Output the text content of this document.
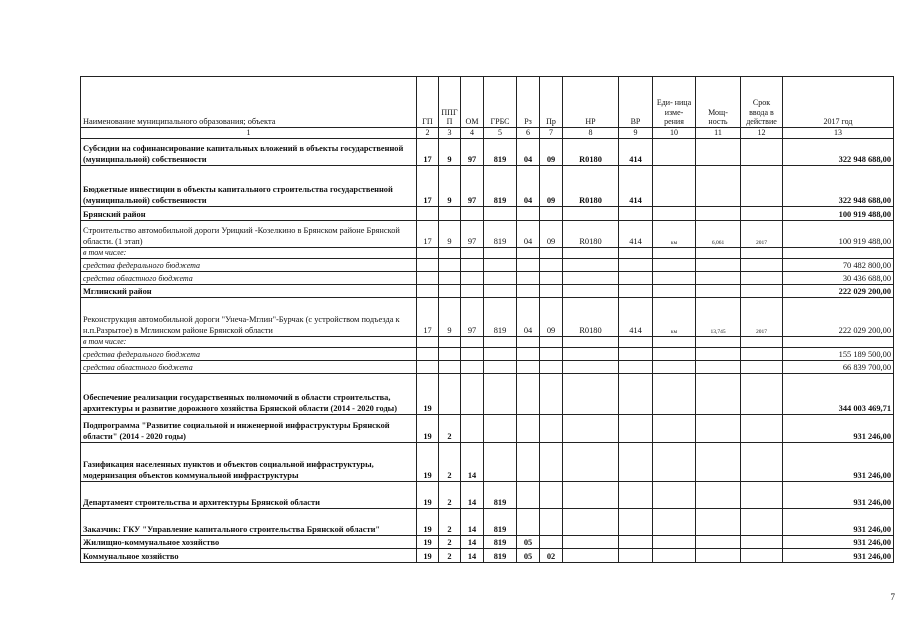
Наименование муниципального образования; объекта	ГП	ППГ П	ОМ	ГРБС	Рз	Пр	НР	ВР	Еди- ница изме- рения	Мощ- ность	Срок ввода в действие	2017 год
1	2	3	4	5	6	7	8	9	10	11	12	13
Субсидии на софинансирование капитальных вложений в объекты государственной (муниципальной) собственности	17	9	97	819	04	09	R0180	414				322 948 688,00
Бюджетные инвестиции в объекты капитального строительства государственной (муниципальной) собственности	17	9	97	819	04	09	R0180	414				322 948 688,00
Брянский район												100 919 488,00
Строительство автомобильной дороги Урицкий -Козелкино в Брянском районе Брянской области. (1 этап)	17	9	97	819	04	09	R0180	414	км	6,061	2017	100 919 488,00
в том числе:												
средства федерального бюджета												70 482 800,00
средства областного бюджета												30 436 688,00
Мглинский район												222 029 200,00
Реконструкция автомобильной дороги "Унеча-Мглин"-Бурчак (с устройством подъезда к н.п.Разрытое) в Мглинском районе Брянской области	17	9	97	819	04	09	R0180	414	км	13,745	2017	222 029 200,00
в том числе:												
средства федерального бюджета												155 189 500,00
средства областного бюджета												66 839 700,00
Обеспечение реализации государственных полномочий в области строительства, архитектуры и развитие дорожного хозяйства Брянской области (2014 - 2020 годы)	19											344 003 469,71
Подпрограмма "Развитие социальной и инженерной инфраструктуры Брянской области" (2014 - 2020 годы)	19	2										931 246,00
Газификация населенных пунктов и объектов социальной инфраструктуры, модернизация объектов коммунальной инфраструктуры	19	2	14									931 246,00
Департамент строительства и архитектуры Брянской области	19	2	14	819								931 246,00
Заказчик: ГКУ "Управление капитального строительства Брянской области"	19	2	14	819								931 246,00
Жилищно-коммунальное хозяйство	19	2	14	819	05							931 246,00
Коммунальное хозяйство	19	2	14	819	05	02						931 246,00
7
